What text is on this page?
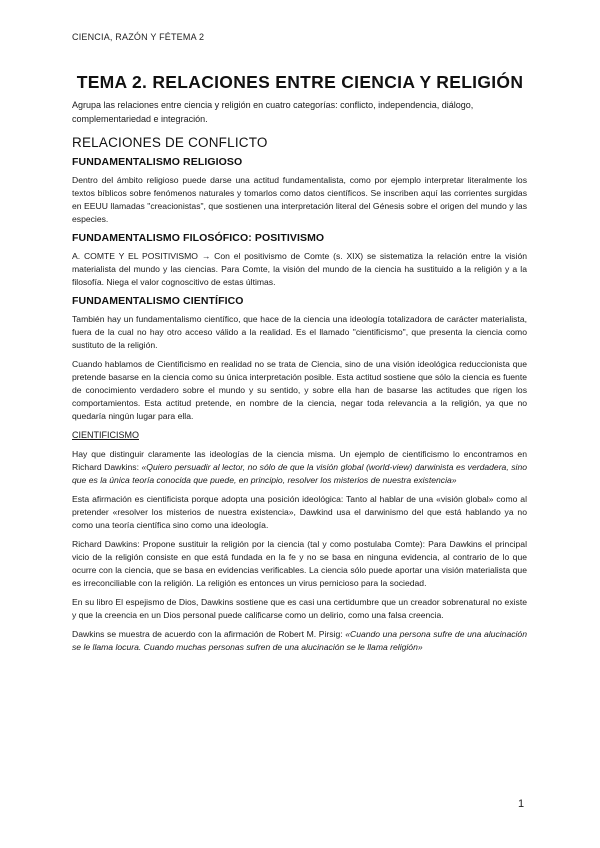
CIENCIA, RAZÓN Y FÉTEMA 2
TEMA 2. RELACIONES ENTRE CIENCIA Y RELIGIÓN
Agrupa las relaciones entre ciencia y religión en cuatro categorías: conflicto, independencia, diálogo, complementariedad e integración.
RELACIONES DE CONFLICTO
FUNDAMENTALISMO RELIGIOSO

Dentro del ámbito religioso puede darse una actitud fundamentalista, como por ejemplo interpretar literalmente los textos bíblicos sobre fenómenos naturales y tomarlos como datos científicos. Se inscriben aquí las corrientes surgidas en EEUU llamadas "creacionistas", que sostienen una interpretación literal del Génesis sobre el origen del mundo y las especies.

FUNDAMENTALISMO FILOSÓFICO: POSITIVISMO

A. COMTE Y EL POSITIVISMO → Con el positivismo de Comte (s. XIX) se sistematiza la relación entre la visión materialista del mundo y las ciencias. Para Comte, la visión del mundo de la ciencia ha sustituido a la religión y a la filosofía. Niega el valor cognoscitivo de estas últimas.

FUNDAMENTALISMO CIENTÍFICO

También hay un fundamentalismo científico, que hace de la ciencia una ideología totalizadora de carácter materialista, fuera de la cual no hay otro acceso válido a la realidad. Es el llamado "cientificismo", que presenta la ciencia como sustituto de la religión.

Cuando hablamos de Cientificismo en realidad no se trata de Ciencia, sino de una visión ideológica reduccionista que pretende basarse en la ciencia como su única interpretación posible. Esta actitud sostiene que sólo la ciencia es fuente de conocimiento verdadero sobre el mundo y su sentido, y sobre ella han de basarse las actitudes que rigen los comportamientos. Esta actitud pretende, en nombre de la ciencia, negar toda relevancia a la religión, ya que no quedaría ningún lugar para ella.

CIENTIFICISMO

Hay que distinguir claramente las ideologías de la ciencia misma. Un ejemplo de cientificismo lo encontramos en Richard Dawkins: «Quiero persuadir al lector, no sólo de que la visión global (world-view) darwinista es verdadera, sino que es la única teoría conocida que puede, en principio, resolver los misterios de nuestra existencia»

Esta afirmación es cientificista porque adopta una posición ideológica: Tanto al hablar de una «visión global» como al pretender «resolver los misterios de nuestra existencia», Dawkind usa el darwinismo del que está hablando ya no como una teoría científica sino como una ideología.

Richard Dawkins: Propone sustituir la religión por la ciencia (tal y como postulaba Comte): Para Dawkins el principal vicio de la religión consiste en que está fundada en la fe y no se basa en ninguna evidencia, al contrario de lo que ocurre con la ciencia, que se basa en evidencias verificables. La ciencia sólo puede aportar una visión materialista que es irreconciliable con la religión. La religión es entonces un virus pernicioso para la sociedad.

En su libro El espejismo de Dios, Dawkins sostiene que es casi una certidumbre que un creador sobrenatural no existe y que la creencia en un Dios personal puede calificarse como un delirio, como una falsa creencia.

Dawkins se muestra de acuerdo con la afirmación de Robert M. Pirsig: «Cuando una persona sufre de una alucinación se le llama locura. Cuando muchas personas sufren de una alucinación se le llama religión»

1
